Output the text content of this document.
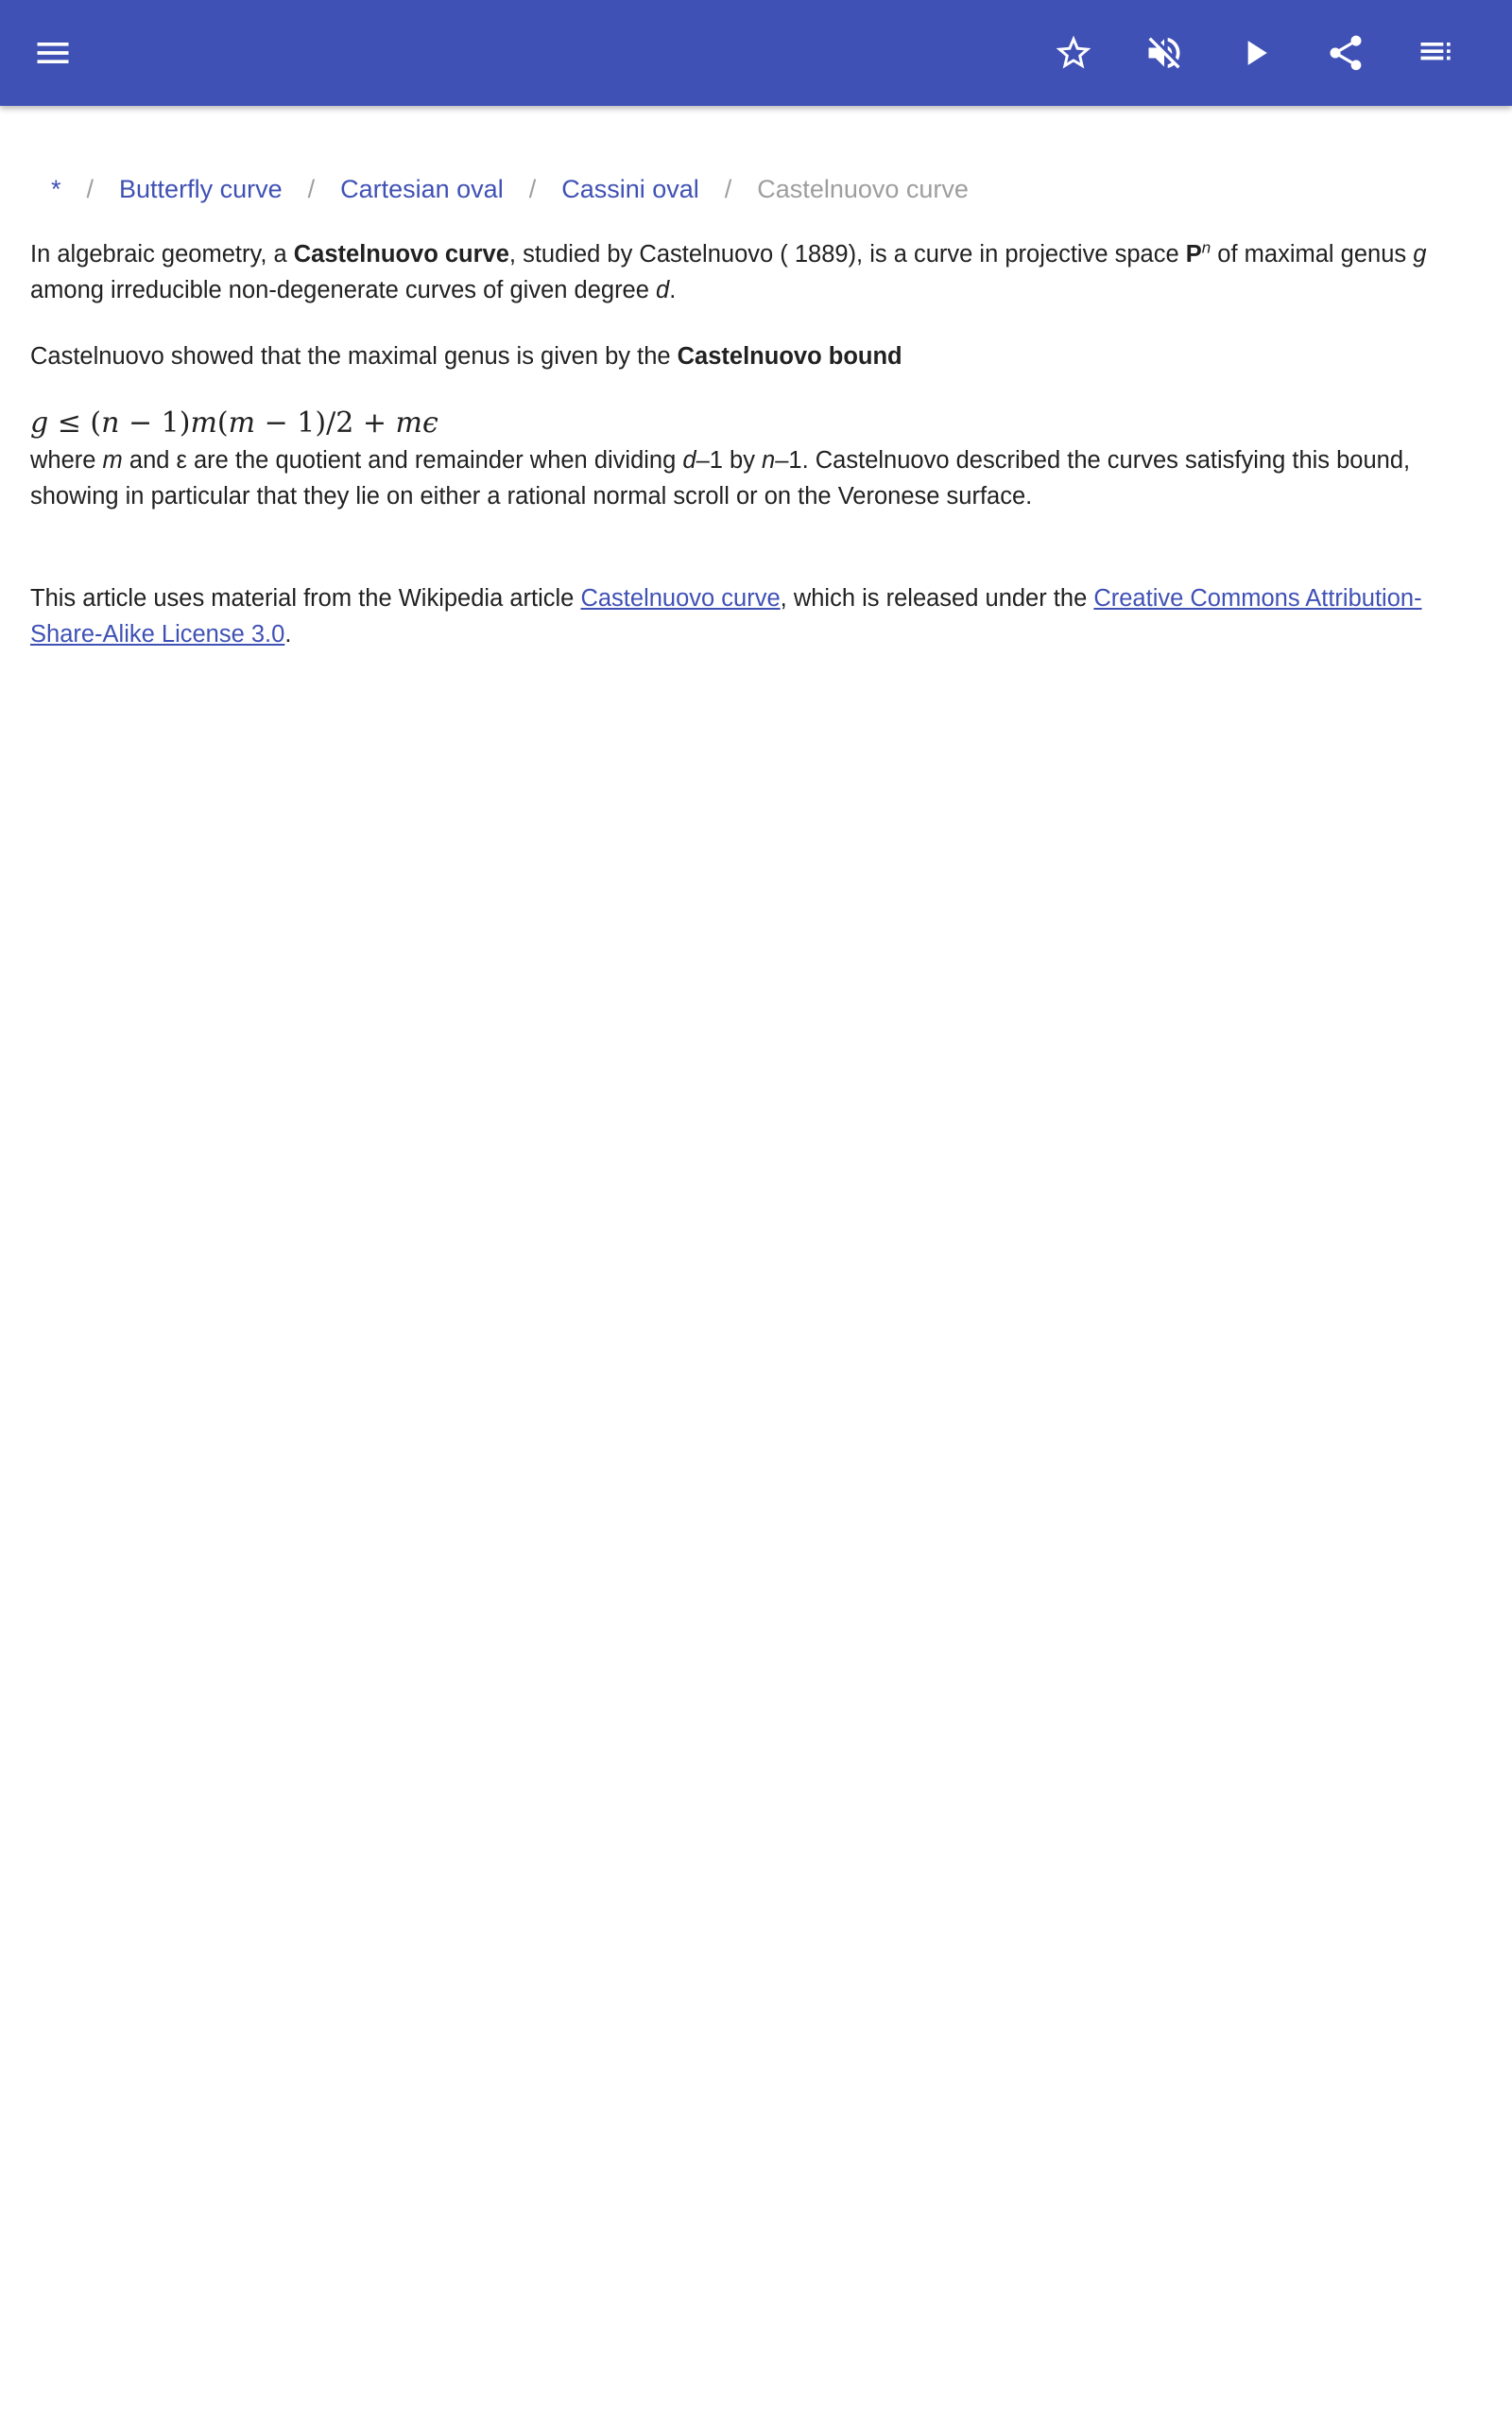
* / Butterfly curve / Cartesian oval / Cassini oval / Castelnuovo curve

In algebraic geometry, a Castelnuovo curve, studied by Castelnuovo ( 1889), is a curve in projective space $P^n$ of maximal genus g among irreducible non-degenerate curves of given degree d.

Castelnuovo showed that the maximal genus is given by the Castelnuovo bound

g ≤ (n − 1)m(m − 1)/2 + mϵ

where m and ε are the quotient and remainder when dividing d–1 by n–1. Castelnuovo described the curves satisfying this bound, showing in particular that they lie on either a rational normal scroll or on the Veronese surface.

This article uses material from the Wikipedia article Castelnuovo curve, which is released under the Creative Commons Attribution-Share-Alike License 3.0.
